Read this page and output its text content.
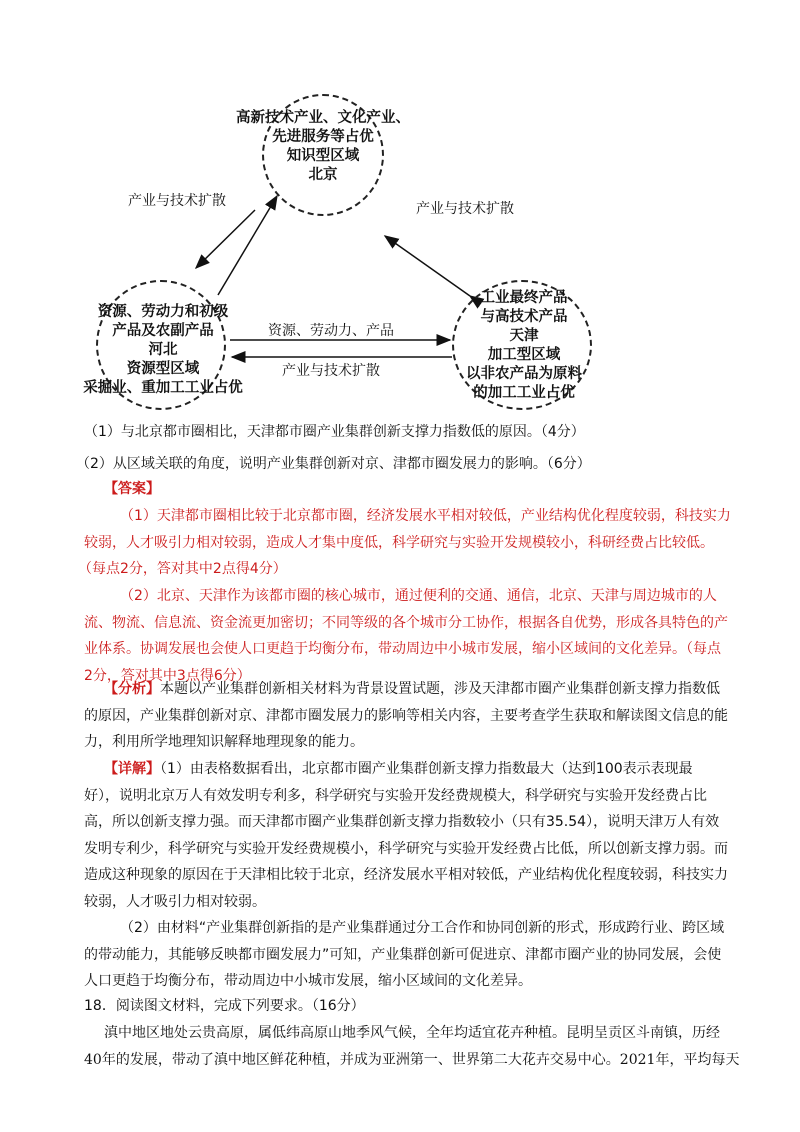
高新技术产业、文化产业、
先进服务等占优
知识型区域
北京
资源、劳动力和初级
产品及农副产品
河北
资源型区域
采掘业、重加工工业占优
工业最终产品
与高技术产品
天津
加工型区域
以非农产品为原料
的加工工业占优
产业与技术扩散	产业与技术扩散
资源、劳动力、产品
产业与技术扩散
（1）与北京都市圈相比，天津都市圈产业集群创新支撑力指数低的原因。（4分）
（2）从区域关联的角度，说明产业集群创新对京、津都市圈发展力的影响。（6分）
【答案】
（1）天津都市圈相比较于北京都市圈，经济发展水平相对较低，产业结构优化程度较弱，科技实力
较弱，人才吸引力相对较弱，造成人才集中度低，科学研究与实验开发规模较小，科研经费占比较低。
（每点2分，答对其中2点得4分）
（2）北京、天津作为该都市圈的核心城市，通过便利的交通、通信，北京、天津与周边城市的人
流、物流、信息流、资金流更加密切；不同等级的各个城市分工协作，根据各自优势，形成各具特色的产
业体系。协调发展也会使人口更趋于均衡分布，带动周边中小城市发展，缩小区域间的文化差异。（每点
2分，答对其中3点得6分）
【分析】本题以产业集群创新相关材料为背景设置试题，涉及天津都市圈产业集群创新支撑力指数低
的原因，产业集群创新对京、津都市圈发展力的影响等相关内容，主要考查学生获取和解读图文信息的能
力，利用所学地理知识解释地理现象的能力。
【详解】（1）由表格数据看出，北京都市圈产业集群创新支撑力指数最大（达到100表示表现最
好），说明北京万人有效发明专利多，科学研究与实验开发经费规模大，科学研究与实验开发经费占比
高，所以创新支撑力强。而天津都市圈产业集群创新支撑力指数较小（只有35.54），说明天津万人有效
发明专利少，科学研究与实验开发经费规模小，科学研究与实验开发经费占比低，所以创新支撑力弱。而
造成这种现象的原因在于天津相比较于北京，经济发展水平相对较低，产业结构优化程度较弱，科技实力
较弱，人才吸引力相对较弱。
（2）由材料“产业集群创新指的是产业集群通过分工合作和协同创新的形式，形成跨行业、跨区域
的带动能力，其能够反映都市圈发展力”可知，产业集群创新可促进京、津都市圈产业的协同发展，会使
人口更趋于均衡分布，带动周边中小城市发展，缩小区域间的文化差异。
18．阅读图文材料，完成下列要求。（16分）
滇中地区地处云贵高原，属低纬高原山地季风气候，全年均适宜花卉种植。昆明呈贡区斗南镇，历经
40年的发展，带动了滇中地区鲜花种植，并成为亚洲第一、世界第二大花卉交易中心。2021年，平均每天
